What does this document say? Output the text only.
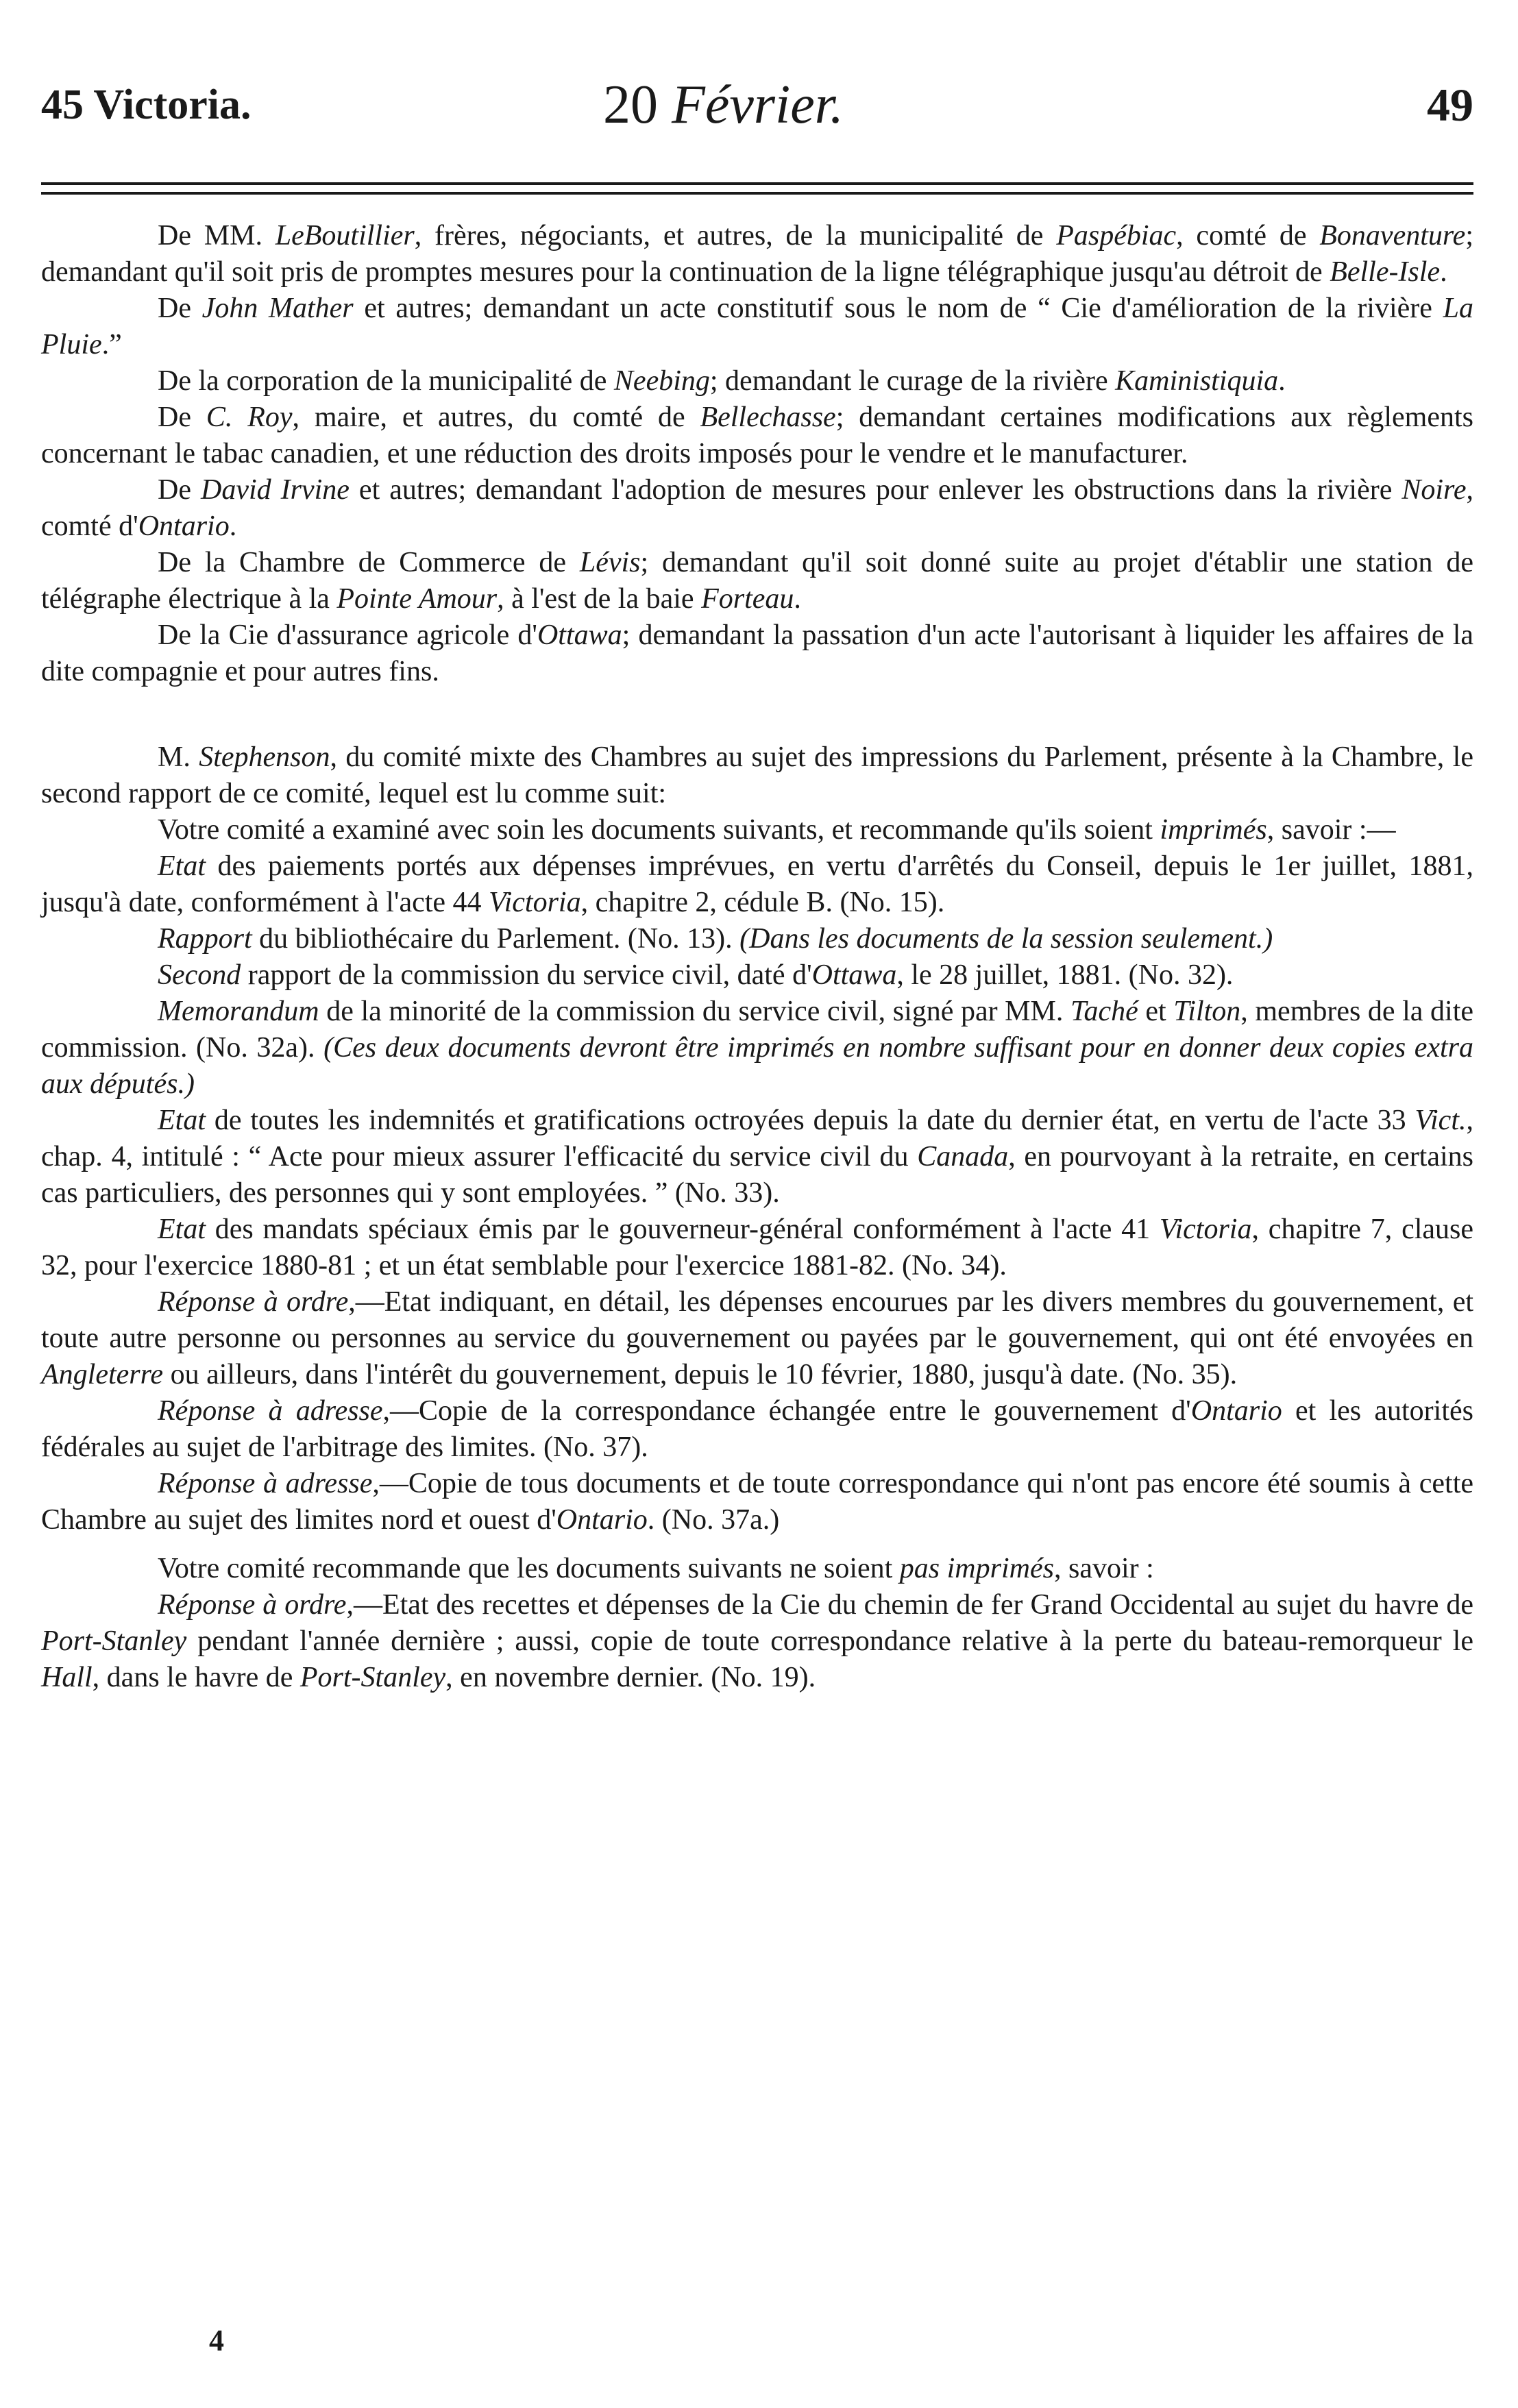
45 Victoria.	20 Février.	49

De MM. LeBoutillier, frères, négociants, et autres, de la municipalité de Paspébiac, comté de Bonaventure; demandant qu'il soit pris de promptes mesures pour la continuation de la ligne télégraphique jusqu'au détroit de Belle-Isle.

De John Mather et autres; demandant un acte constitutif sous le nom de “ Cie d'amélioration de la rivière La Pluie.”

De la corporation de la municipalité de Neebing; demandant le curage de la rivière Kaministiquia.

De C. Roy, maire, et autres, du comté de Bellechasse; demandant certaines modifications aux règlements concernant le tabac canadien, et une réduction des droits imposés pour le vendre et le manufacturer.

De David Irvine et autres; demandant l'adoption de mesures pour enlever les obstructions dans la rivière Noire, comté d'Ontario.

De la Chambre de Commerce de Lévis; demandant qu'il soit donné suite au projet d'établir une station de télégraphe électrique à la Pointe Amour, à l'est de la baie Forteau.

De la Cie d'assurance agricole d'Ottawa; demandant la passation d'un acte l'autorisant à liquider les affaires de la dite compagnie et pour autres fins.

M. Stephenson, du comité mixte des Chambres au sujet des impressions du Parlement, présente à la Chambre, le second rapport de ce comité, lequel est lu comme suit:

Votre comité a examiné avec soin les documents suivants, et recommande qu'ils soient imprimés, savoir :—

Etat des paiements portés aux dépenses imprévues, en vertu d'arrêtés du Conseil, depuis le 1er juillet, 1881, jusqu'à date, conformément à l'acte 44 Victoria, chapitre 2, cédule B. (No. 15).

Rapport du bibliothécaire du Parlement. (No. 13). (Dans les documents de la session seulement.)

Second rapport de la commission du service civil, daté d'Ottawa, le 28 juillet, 1881. (No. 32).

Memorandum de la minorité de la commission du service civil, signé par MM. Taché et Tilton, membres de la dite commission. (No. 32a). (Ces deux documents devront être imprimés en nombre suffisant pour en donner deux copies extra aux députés.)

Etat de toutes les indemnités et gratifications octroyées depuis la date du dernier état, en vertu de l'acte 33 Vict., chap. 4, intitulé : “ Acte pour mieux assurer l'efficacité du service civil du Canada, en pourvoyant à la retraite, en certains cas particuliers, des personnes qui y sont employées. ” (No. 33).

Etat des mandats spéciaux émis par le gouverneur-général conformément à l'acte 41 Victoria, chapitre 7, clause 32, pour l'exercice 1880-81 ; et un état semblable pour l'exercice 1881-82. (No. 34).

Réponse à ordre,—Etat indiquant, en détail, les dépenses encourues par les divers membres du gouvernement, et toute autre personne ou personnes au service du gouvernement ou payées par le gouvernement, qui ont été envoyées en Angleterre ou ailleurs, dans l'intérêt du gouvernement, depuis le 10 février, 1880, jusqu'à date. (No. 35).

Réponse à adresse,—Copie de la correspondance échangée entre le gouvernement d'Ontario et les autorités fédérales au sujet de l'arbitrage des limites. (No. 37).

Réponse à adresse,—Copie de tous documents et de toute correspondance qui n'ont pas encore été soumis à cette Chambre au sujet des limites nord et ouest d'Ontario. (No. 37a.)

Votre comité recommande que les documents suivants ne soient pas imprimés, savoir :

Réponse à ordre,—Etat des recettes et dépenses de la Cie du chemin de fer Grand Occidental au sujet du havre de Port-Stanley pendant l'année dernière ; aussi, copie de toute correspondance relative à la perte du bateau-remorqueur le Hall, dans le havre de Port-Stanley, en novembre dernier. (No. 19).

4
